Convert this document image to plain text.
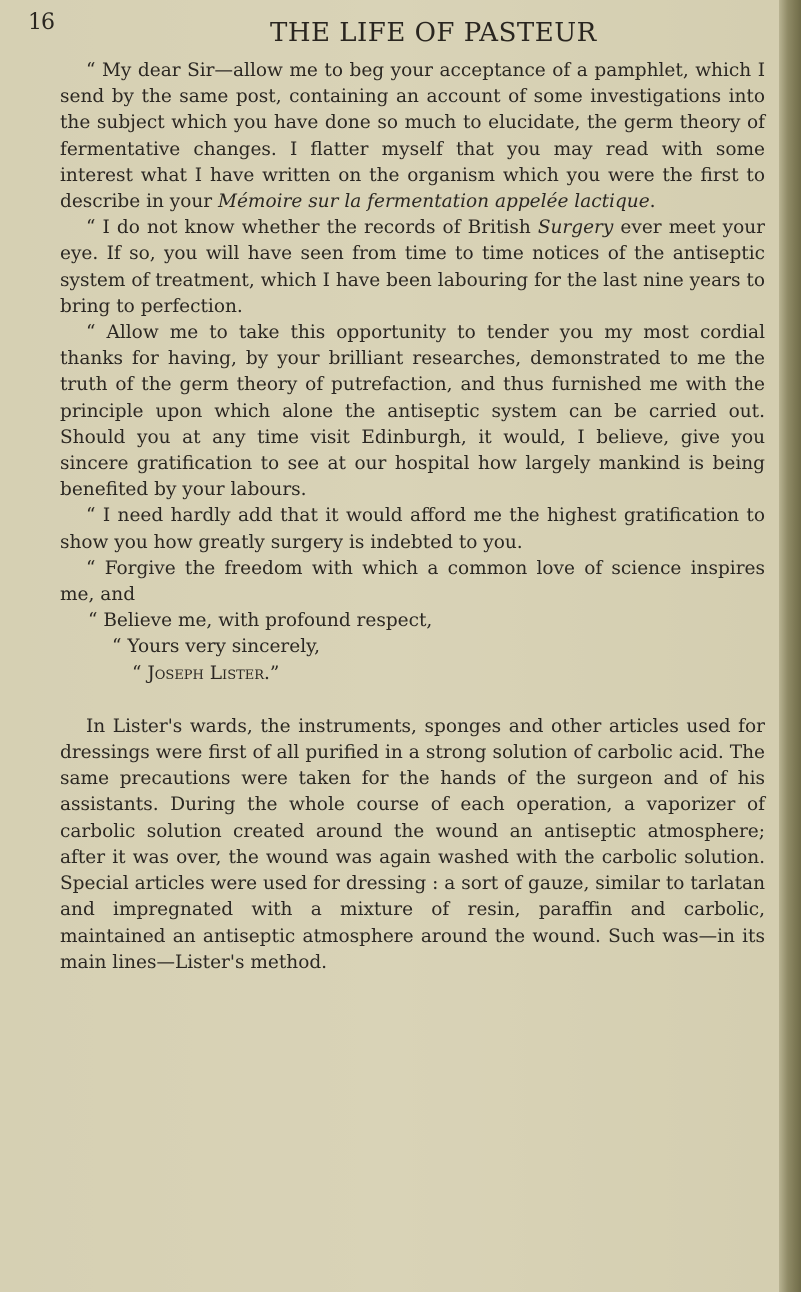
16	THE LIFE OF PASTEUR

“ My dear Sir—allow me to beg your acceptance of a pamphlet, which I send by the same post, containing an account of some investigations into the subject which you have done so much to elucidate, the germ theory of fermentative changes. I flatter myself that you may read with some interest what I have written on the organism which you were the first to describe in your Mémoire sur la fermentation appelée lactique.

“ I do not know whether the records of British Surgery ever meet your eye. If so, you will have seen from time to time notices of the antiseptic system of treatment, which I have been labouring for the last nine years to bring to perfection.

“ Allow me to take this opportunity to tender you my most cordial thanks for having, by your brilliant researches, demonstrated to me the truth of the germ theory of putrefaction, and thus furnished me with the principle upon which alone the antiseptic system can be carried out. Should you at any time visit Edinburgh, it would, I believe, give you sincere gratification to see at our hospital how largely mankind is being benefited by your labours.

“ I need hardly add that it would afford me the highest gratification to show you how greatly surgery is indebted to you.

“ Forgive the freedom with which a common love of science inspires me, and

“ Believe me, with profound respect,

“ Yours very sincerely,

“ Joseph Lister.”

In Lister's wards, the instruments, sponges and other articles used for dressings were first of all purified in a strong solution of carbolic acid. The same precautions were taken for the hands of the surgeon and of his assistants. During the whole course of each operation, a vaporizer of carbolic solution created around the wound an antiseptic atmosphere; after it was over, the wound was again washed with the carbolic solution. Special articles were used for dressing : a sort of gauze, similar to tarlatan and impregnated with a mixture of resin, paraffin and carbolic, maintained an antiseptic atmosphere around the wound. Such was—in its main lines—Lister's method.
